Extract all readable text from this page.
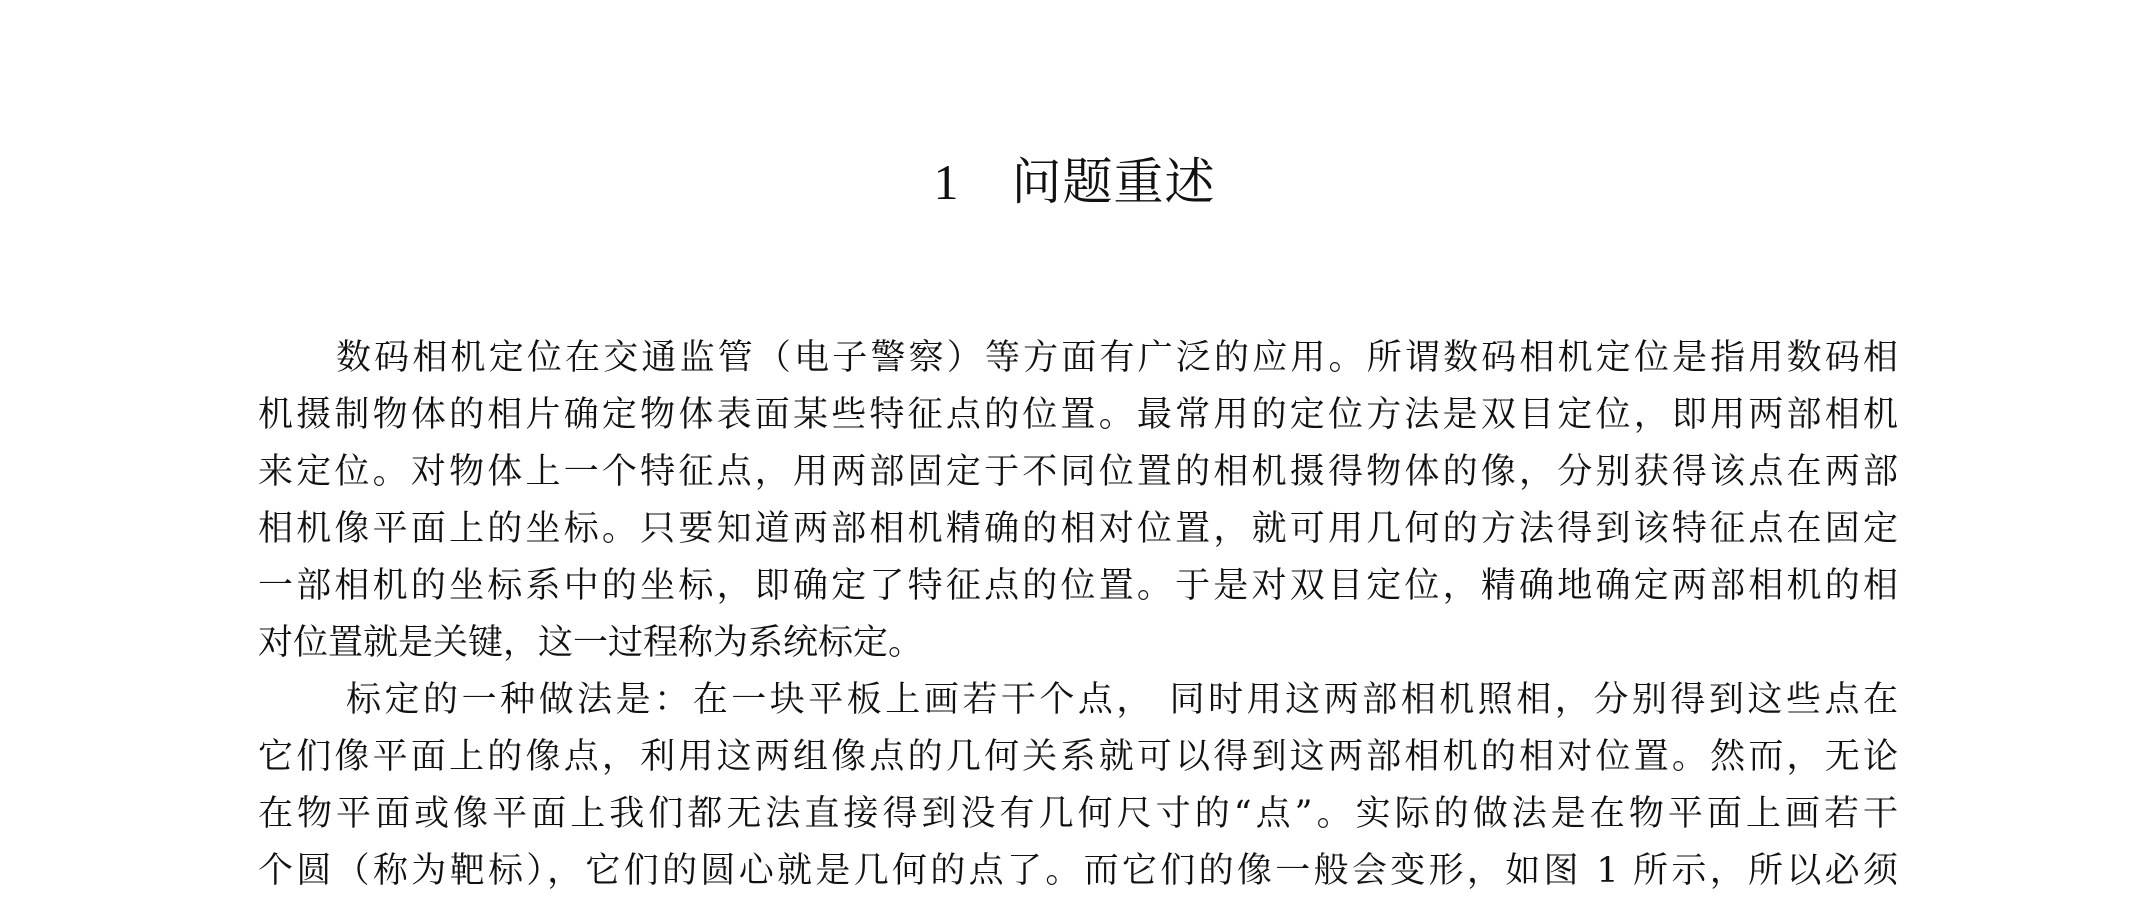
1 问题重述
数码相机定位在交通监管（电子警察）等方面有广泛的应用。所谓数码相机定位是指用数码相
机摄制物体的相片确定物体表面某些特征点的位置。最常用的定位方法是双目定位，即用两部相机
来定位。对物体上一个特征点，用两部固定于不同位置的相机摄得物体的像，分别获得该点在两部
相机像平面上的坐标。只要知道两部相机精确的相对位置，就可用几何的方法得到该特征点在固定
一部相机的坐标系中的坐标，即确定了特征点的位置。于是对双目定位，精确地确定两部相机的相
对位置就是关键，这一过程称为系统标定。
标定的一种做法是：在一块平板上画若干个点， 同时用这两部相机照相，分别得到这些点在
它们像平面上的像点，利用这两组像点的几何关系就可以得到这两部相机的相对位置。然而，无论
在物平面或像平面上我们都无法直接得到没有几何尺寸的“点”。实际的做法是在物平面上画若干
个圆（称为靶标），它们的圆心就是几何的点了。而它们的像一般会变形，如图 1 所示，所以必须
